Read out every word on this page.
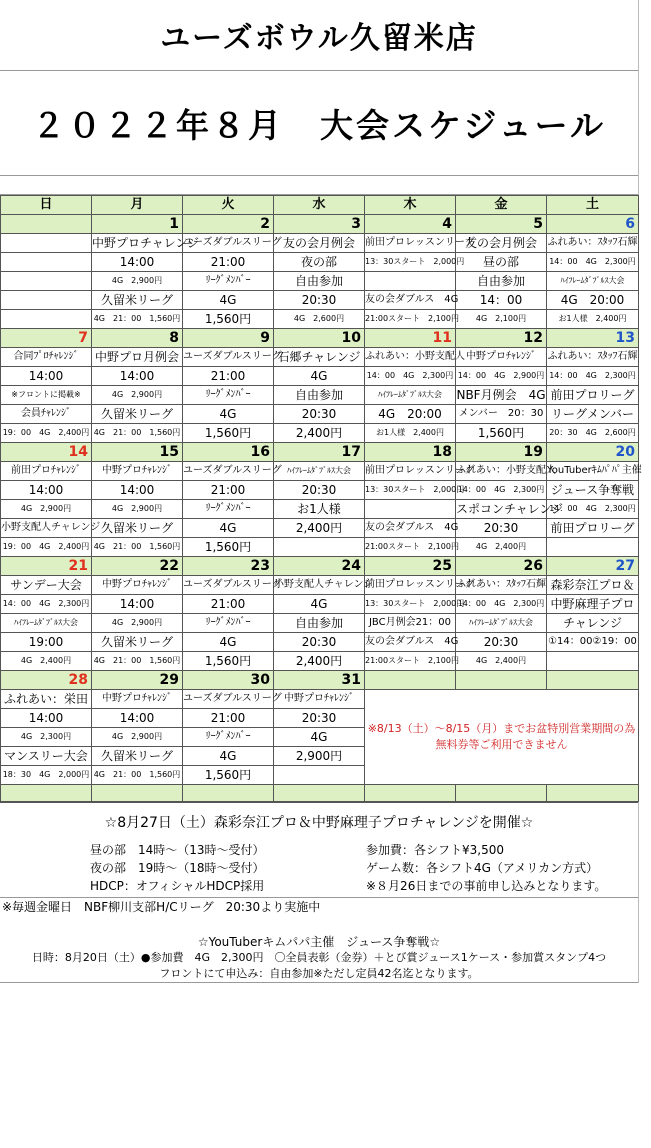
ユーズボウル久留米店
２０２２年８月　大会スケジュール
日	月	火	水	木	金	土
	1	2	3	4	5	6
	中野プロチャレンジ	ユーズダブルスリーグ	友の会月例会	前田プロレッスンリーグ	友の会月例会	ふれあい：ｽﾀｯﾌ石輝
	14:00	21:00	夜の部	13：30スタート　2,000円	昼の部	14：00　4G　2,300円
	4G　2,900円	ﾘｰｸﾞﾒﾝﾊﾞｰ	自由参加		自由参加	ﾊｲﾌﾚｰﾑﾀﾞﾌﾞﾙｽ大会
	久留米リーグ	4G	20:30	友の会ダブルス　4G	14：00	4G　20:00
	4G　21：00　1,560円	1,560円	4G　2,600円	21:00スタート　2,100円	4G　2,100円	お1人様　2,400円
7	8	9	10	11	12	13
合同ﾌﾟﾛﾁｬﾚﾝｼﾞ	中野プロ月例会	ユーズダブルスリーグ	石郷チャレンジ	ふれあい：小野支配人	中野プロﾁｬﾚﾝｼﾞ	ふれあい：ｽﾀｯﾌ石輝
14:00	14:00	21:00	4G	14：00　4G　2,300円	14：00　4G　2,900円	14：00　4G　2,300円
※フロントに掲載※	4G　2,900円	ﾘｰｸﾞﾒﾝﾊﾞｰ	自由参加	ﾊｲﾌﾚｰﾑﾀﾞﾌﾞﾙｽ大会	NBF月例会　4G	前田プロリーグ
会員ﾁｬﾚﾝｼﾞ	久留米リーグ	4G	20:30	4G　20:00	メンバー　20：30	リーグメンバー
19：00　4G　2,400円	4G　21：00　1,560円	1,560円	2,400円	お1人様　2,400円	1,560円	20：30　4G　2,600円
14	15	16	17	18	19	20
前田プロﾁｬﾚﾝｼﾞ	中野プロﾁｬﾚﾝｼﾞ	ユーズダブルスリーグ	ﾊｲﾌﾚｰﾑﾀﾞﾌﾞﾙｽ大会	前田プロレッスンリーグ	ふれあい：小野支配人	YouTuberｷﾑﾊﾟﾊﾟ主催
14:00	14:00	21:00	20:30	13：30スタート　2,000円	14：00　4G　2,300円	ジュース争奪戦
4G　2,900円	4G　2,900円	ﾘｰｸﾞﾒﾝﾊﾞｰ	お1人様		スポコンチャレンジ	14：00　4G　2,300円
小野支配人チャレンジ	久留米リーグ	4G	2,400円	友の会ダブルス　4G	20:30	前田プロリーグ
19：00　4G　2,400円	4G　21：00　1,560円	1,560円		21:00スタート　2,100円	4G　2,400円	
21	22	23	24	25	26	27
サンデー大会	中野プロﾁｬﾚﾝｼﾞ	ユーズダブルスリーグ	小野支配人チャレンジ	前田プロレッスンリーグ	ふれあい：ｽﾀｯﾌ石輝	森彩奈江プロ＆
14：00　4G　2,300円	14:00	21:00	4G	13：30スタート　2,000円	14：00　4G　2,300円	中野麻理子プロ
ﾊｲﾌﾚｰﾑﾀﾞﾌﾞﾙｽ大会	4G　2,900円	ﾘｰｸﾞﾒﾝﾊﾞｰ	自由参加	JBC月例会21：00	ﾊｲﾌﾚｰﾑﾀﾞﾌﾞﾙｽ大会	チャレンジ
19:00	久留米リーグ	4G	20:30	友の会ダブルス　4G	20:30	①14：00②19：00
4G　2,400円	4G　21：00　1,560円	1,560円	2,400円	21:00スタート　2,100円	4G　2,400円	
28	29	30	31			
ふれあい：栄田	中野プロﾁｬﾚﾝｼﾞ	ユーズダブルスリーグ	中野プロﾁｬﾚﾝｼﾞ	※8/13（土）～8/15（月）までお盆特別営業期間の為無料券等ご利用できません		
14:00	14:00	21:00	20:30			
4G　2,300円	4G　2,900円	ﾘｰｸﾞﾒﾝﾊﾞｰ	4G			
マンスリー大会	久留米リーグ	4G	2,900円			
18：30　4G　2,000円	4G　21：00　1,560円	1,560円				

☆8月27日（土）森彩奈江プロ＆中野麻理子プロチャレンジを開催☆
昼の部　14時～（13時～受付）
夜の部　19時～（18時～受付）
HDCP：オフィシャルHDCP採用
参加費：各シフト¥3,500
ゲーム数：各シフト4G（アメリカン方式）
※８月26日までの事前申し込みとなります。
※毎週金曜日　NBF柳川支部H/Cリーグ　20:30より実施中
☆YouTuberキムパパ主催　ジュース争奪戦☆
日時：8月20日（土）●参加費　4G　2,300円　〇全員表彰（金券）＋とび賞ジュース1ケース・参加賞スタンプ4つ
フロントにて申込み：自由参加※ただし定員42名迄となります。
